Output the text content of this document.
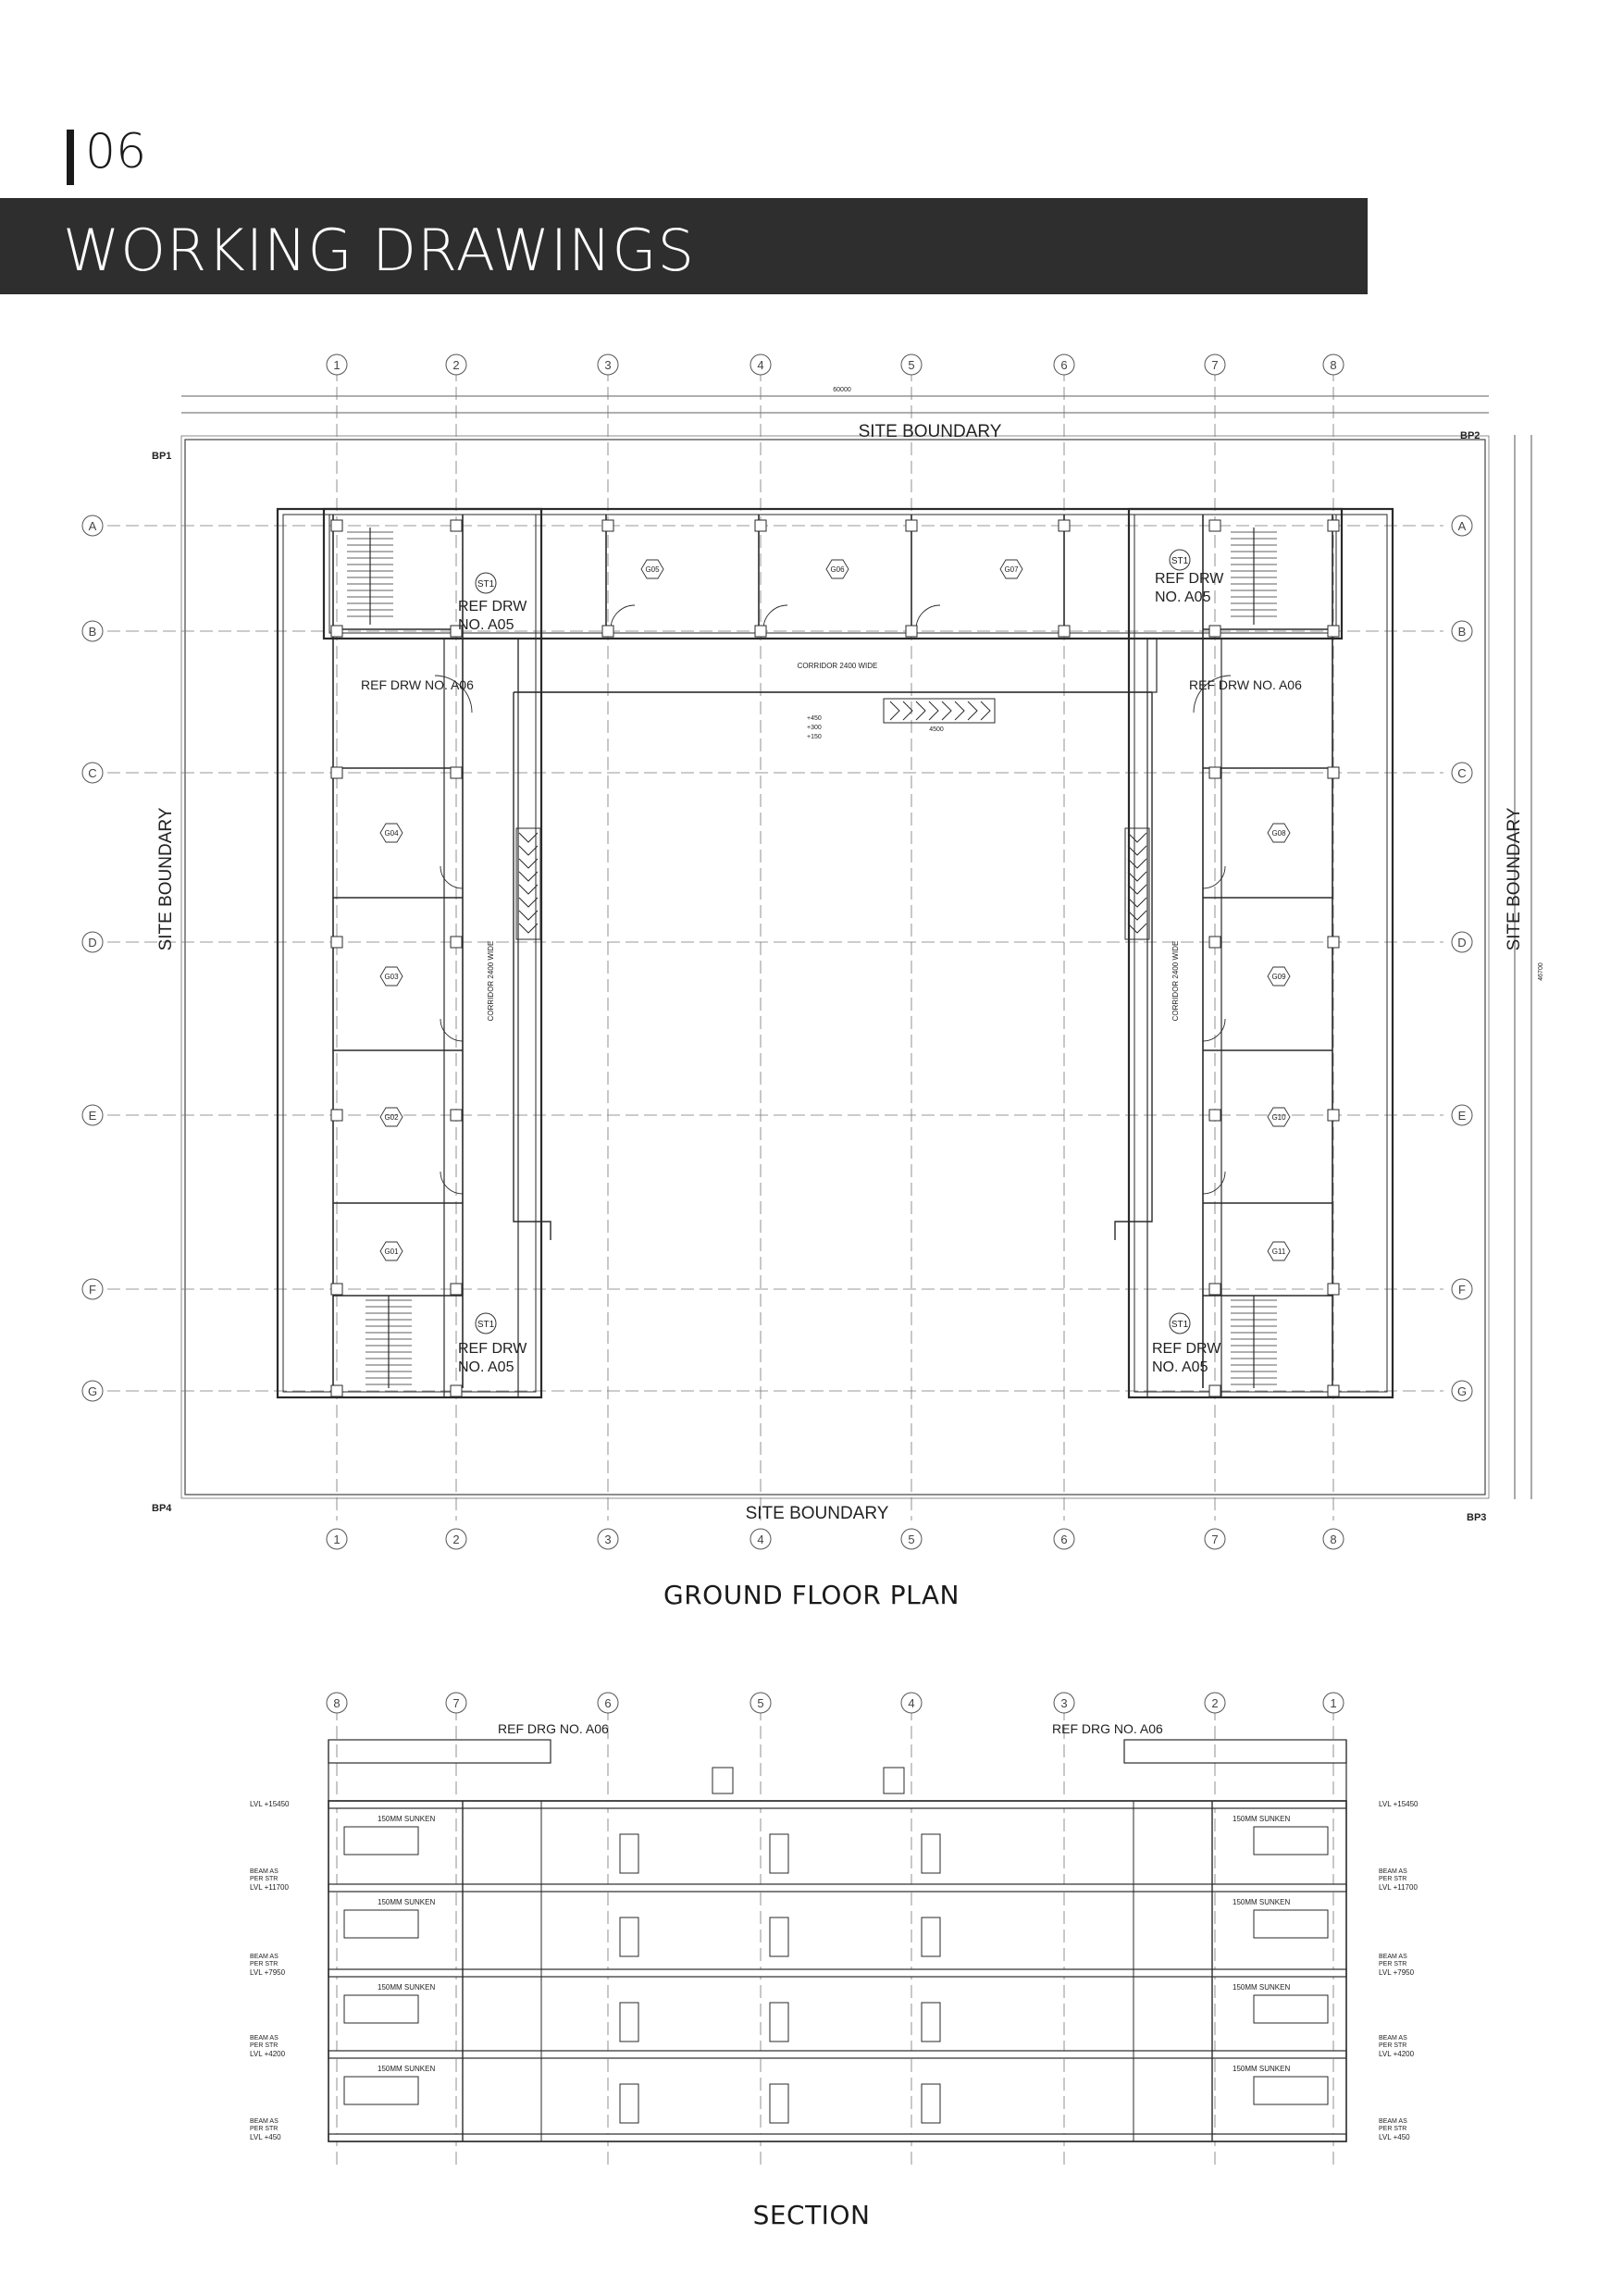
06
WORKING DRAWINGS
1
1
2
2
3
3
4
4
5
5
6
6
7
7
8
8
A	A
B	B
C	C
D	D
E	E
F	F
G	G
SITE BOUNDARY
SITE BOUNDARY
SITE BOUNDARY	SITE BOUNDARY
BP1
BP2
BP3
BP4
60000
46700
CORRIDOR 2400 WIDE
CORRIDOR 2400 WIDE	CORRIDOR 2400 WIDE
REF DRW
NO. A05
REF DRW
NO. A05
REF DRW
NO. A05
REF DRW
NO. A05
REF DRW NO. A06	REF DRW NO. A06
+450
+300
+150
4500
G01
G02
G03
G04
G05	G06	G07
G08
G09
G10
G11
ST1
ST1
ST1	ST1
8	7	6	5	4	3	2	1
REF DRG NO. A06	REF DRG NO. A06
LVL +15450	LVL +15450
LVL +11700	LVL +11700
LVL +7950	LVL +7950
LVL +4200	LVL +4200
LVL +450	LVL +450
150MM SUNKEN	150MM SUNKEN
BEAM AS
PER STR
BEAM AS
PER STR
150MM SUNKEN	150MM SUNKEN
BEAM AS
PER STR
BEAM AS
PER STR
150MM SUNKEN	150MM SUNKEN
BEAM AS
PER STR
BEAM AS
PER STR
150MM SUNKEN	150MM SUNKEN
BEAM AS
PER STR
BEAM AS
PER STR
GROUND FLOOR PLAN
SECTION
